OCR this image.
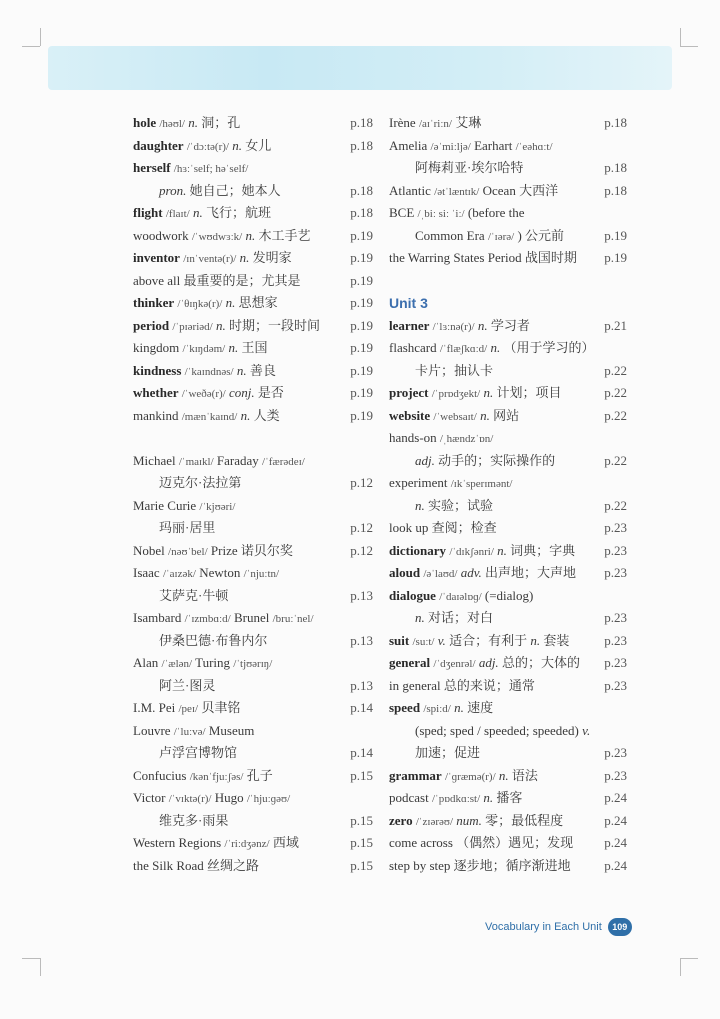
hole /həʊl/ n. 洞；孔	p.18
daughter /ˈdɔːtə(r)/ n. 女儿	p.18
herself /hɜːˈself; həˈself/
pron. 她自己；她本人	p.18
flight /flaɪt/ n. 飞行；航班	p.18
woodwork /ˈwʊdwɜːk/ n. 木工手艺	p.19
inventor /ɪnˈventə(r)/ n. 发明家	p.19
above all 最重要的是；尤其是	p.19
thinker /ˈθɪŋkə(r)/ n. 思想家	p.19
period /ˈpɪəriəd/ n. 时期；一段时间 p.19
kingdom /ˈkɪŋdəm/ n. 王国	p.19
kindness /ˈkaɪndnəs/ n. 善良	p.19
whether /ˈweðə(r)/ conj. 是否	p.19
mankind /mænˈkaɪnd/ n. 人类	p.19
Michael /ˈmaɪkl/ Faraday /ˈfærədeɪ/
迈克尔·法拉第	p.12
Marie Curie /ˈkjʊəri/
玛丽·居里	p.12
Nobel /nəʊˈbel/ Prize 诺贝尔奖	p.12
Isaac /ˈaɪzək/ Newton /ˈnjuːtn/
艾萨克·牛顿	p.13
Isambard /ˈɪzmbɑːd/ Brunel /bruːˈnel/
伊桑巴德·布鲁内尔	p.13
Alan /ˈælən/ Turing /ˈtjʊərɪŋ/
阿兰·图灵	p.13
I.M. Pei /peɪ/ 贝聿铭	p.14
Louvre /ˈluːvə/ Museum
卢浮宫博物馆	p.14
Confucius /kənˈfjuːʃəs/ 孔子	p.15
Victor /ˈvɪktə(r)/ Hugo /ˈhjuːɡəʊ/
维克多·雨果	p.15
Western Regions /ˈriːdʒənz/ 西域	p.15
the Silk Road 丝绸之路	p.15
Irène /aɪˈriːn/ 艾琳	p.18
Amelia /əˈmiːljə/ Earhart /ˈeəhɑːt/
阿梅莉亚·埃尔哈特	p.18
Atlantic /ətˈlæntɪk/ Ocean 大西洋	p.18
BCE /ˌbiː siː ˈiː/ (before the
Common Era /ˈɪərə/ ) 公元前	p.19
the Warring States Period 战国时期 p.19
Unit 3
learner /ˈlɜːnə(r)/ n. 学习者	p.21
flashcard /ˈflæʃkɑːd/ n. （用于学习的）
卡片；抽认卡	p.22
project /ˈprɒdʒekt/ n. 计划；项目	p.22
website /ˈwebsaɪt/ n. 网站	p.22
hands-on /ˌhændzˈɒn/
adj. 动手的；实际操作的	p.22
experiment /ɪkˈsperɪmənt/
n. 实验；试验	p.22
look up 查阅；检查	p.23
dictionary /ˈdɪkʃənri/ n. 词典；字典 p.23
aloud /əˈlaʊd/ adv. 出声地；大声地 p.23
dialogue /ˈdaɪəlɒɡ/ (=dialog)
n. 对话；对白	p.23
suit /suːt/ v. 适合；有利于 n. 套装	p.23
general /ˈdʒenrəl/ adj. 总的；大体的 p.23
in general 总的来说；通常	p.23
speed /spiːd/ n. 速度
(sped; sped / speeded; speeded) v.
加速；促进	p.23
grammar /ˈɡræmə(r)/ n. 语法	p.23
podcast /ˈpɒdkɑːst/ n. 播客	p.24
zero /ˈzɪərəʊ/ num. 零；最低程度	p.24
come across （偶然）遇见；发现 p.24
step by step 逐步地；循序渐进地	p.24
Vocabulary in Each Unit	109
